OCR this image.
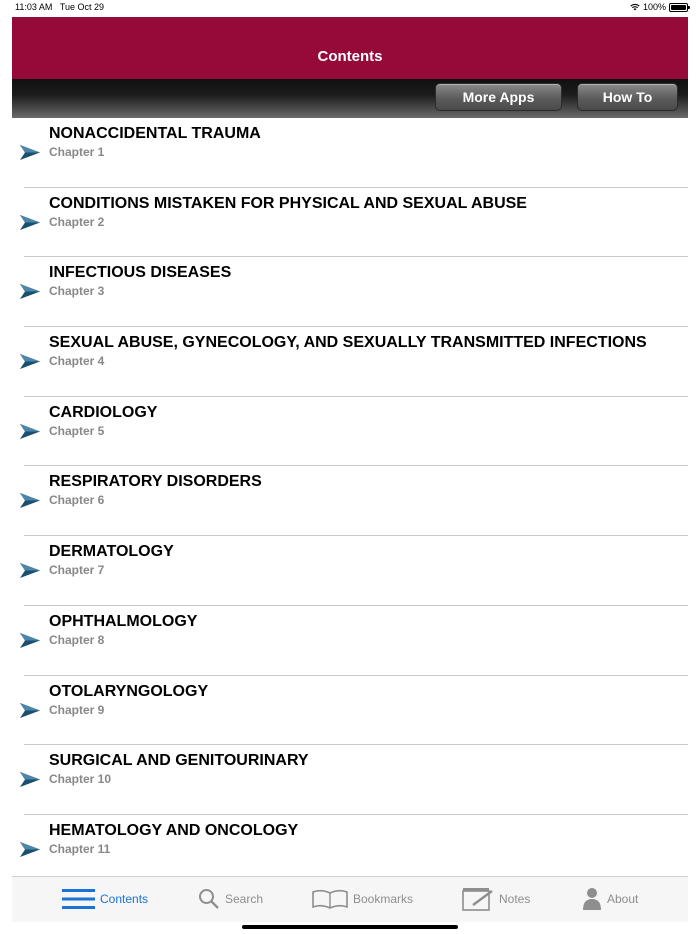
11:03 AM Tue Oct 29	100%
Contents
More Apps	How To
NONACCIDENTAL TRAUMA
Chapter 1
CONDITIONS MISTAKEN FOR PHYSICAL AND SEXUAL ABUSE
Chapter 2
INFECTIOUS DISEASES
Chapter 3
SEXUAL ABUSE, GYNECOLOGY, AND SEXUALLY TRANSMITTED INFECTIONS
Chapter 4
CARDIOLOGY
Chapter 5
RESPIRATORY DISORDERS
Chapter 6
DERMATOLOGY
Chapter 7
OPHTHALMOLOGY
Chapter 8
OTOLARYNGOLOGY
Chapter 9
SURGICAL AND GENITOURINARY
Chapter 10
HEMATOLOGY AND ONCOLOGY
Chapter 11
Contents	Search	Bookmarks	Notes	About
